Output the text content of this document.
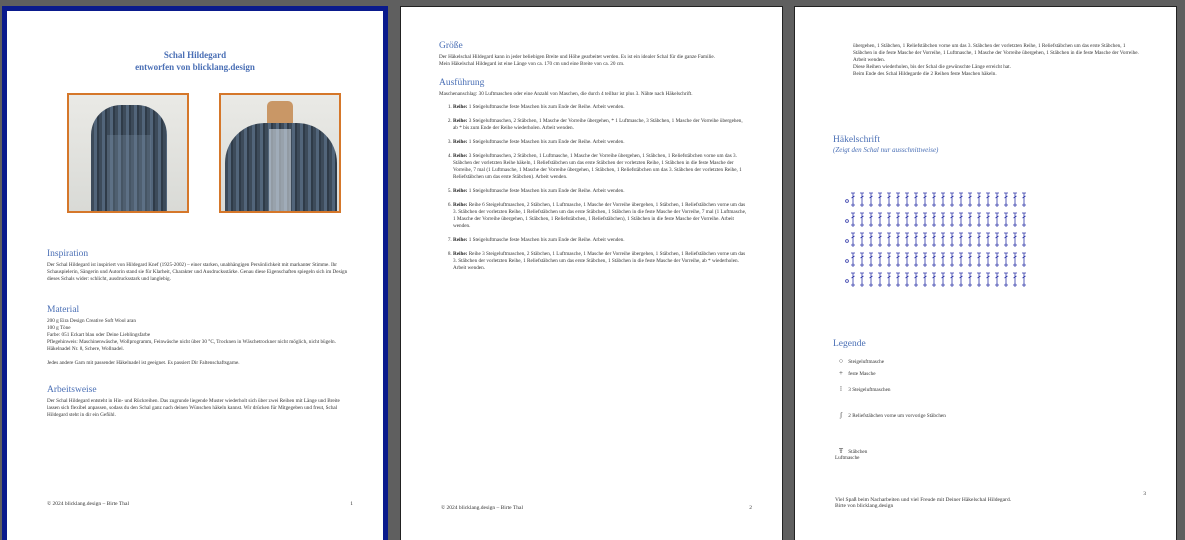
Schal Hildegard
entworfen von blicklang.design
Inspiration
Der Schal Hildegard ist inspiriert von Hildegard Knef (1925-2002) – einer starken, unabhängigen Persönlichkeit mit markanter Stimme. Ihr Schauspielerin, Sängerin und Autorin stand sie für Klarheit, Charakter und Ausdrucksstärke. Genau diese Eigenschaften spiegeln sich im Design dieses Schals wider: schlicht, ausdrucksstark und langlebig.
Material
200 g Eira Design Creative Soft Wool aran
100 g Töne
Farbe: 051 Eckart blau oder Deine Lieblingsfarbe
Pflegehinweis: Maschinenwäsche, Wollprogramm, Feinwäsche nicht über 30 °C, Trocknen in Wäschetrockner nicht möglich, nicht bügeln.
Häkelnadel Nr. 8, Schere, Wollnadel.

Jedes andere Garn mit passender Häkelnadel ist geeignet. Es passiert Dir Faltenschaftsgarne.
Arbeitsweise
Der Schal Hildegard entsteht in Hin- und Rückreihen. Das zugrunde liegende Muster wiederholt sich über zwei Reihen mit Länge und Breite lassen sich flexibel anpassen, sodass du den Schal ganz nach deinen Wünschen häkeln kannst. Wir drücken für Mitgegeben und freut, Schal Hildegard steht in dir ein Gefühl.
© 2024 blicklang.design – Birte Thal	1
Größe
Der Häkelschal Hildegard kann in jeder beliebigen Breite und Höhe gearbeitet werden. Es ist ein idealer Schal für die ganze Familie.
Mein Häkelschal Hildegard ist eine Länge von ca. 170 cm und eine Breite von ca. 20 cm.
Ausführung
Maschenanschlag: 30 Luftmaschen oder eine Anzahl von Maschen, die durch 4 teilbar ist plus 3. Nähte nach Häkelschrift.
1. Reihe: 1 Steigeluftmasche feste Maschen bis zum Ende der Reihe. Arbeit wenden.
2. Reihe: 3 Steigeluftmaschen, 2 Stäbchen, 1 Masche der Vorreihe übergehen, * 1 Luftmasche, 3 Stäbchen, 1 Masche der Vorreihe übergehen, ab * bis zum Ende der Reihe wiederholen. Arbeit wenden.
3. Reihe: 1 Steigeluftmasche feste Maschen bis zum Ende der Reihe. Arbeit wenden.
4. Reihe: 3 Steigeluftmaschen, 2 Stäbchen, 1 Luftmasche, 1 Masche der Vorreihe übergehen, 1 Stäbchen, 1 Reliefstäbchen vorne um das 3. Stäbchen der vorletzten Reihe häkeln, 1 Reliefstäbchen um das erste Stäbchen der vorletzten Reihe, 1 Stäbchen in die feste Masche der Vorreihe, 7 mal (1 Luftmasche, 1 Masche der Vorreihe übergehen, 1 Stäbchen, 1 Reliefstäbchen um das 3. Stäbchen der vorletzten Reihe, 1 Reliefstäbchen um das erste Stäbchen). Arbeit wenden.
5. Reihe: 1 Steigeluftmasche feste Maschen bis zum Ende der Reihe. Arbeit wenden.
6. Reihe: Reihe 6 Steigeluftmaschen, 2 Stäbchen, 1 Luftmasche, 1 Masche der Vorreihe übergehen, 1 Stäbchen, 1 Reliefstäbchen vorne um das 3. Stäbchen der vorletzten Reihe, 1 Reliefstäbchen um das erste Stäbchen, 1 Stäbchen in die feste Masche der Vorreihe, 7 mal (1 Luftmasche, 1 Masche der Vorreihe übergehen, 1 Stäbchen, 1 Reliefstäbchen, 1 Reliefstäbchen), 1 Stäbchen in die feste Masche der Vorreihe. Arbeit wenden.
7. Reihe: 1 Steigeluftmasche feste Maschen bis zum Ende der Reihe. Arbeit wenden.
8. Reihe: Reihe 3 Steigeluftmaschen, 2 Stäbchen, 1 Luftmasche, 1 Masche der Vorreihe übergehen, 1 Stäbchen, 1 Reliefstäbchen vorne um das 3. Stäbchen der vorletzten Reihe, 1 Reliefstäbchen um das erste Stäbchen, 1 Stäbchen in die feste Masche der Vorreihe, ab * wiederholen. Arbeit wenden.
© 2024 blicklang.design – Birte Thal	2
übergehen, 1 Stäbchen, 1 Reliefstäbchen vorne um das 3. Stäbchen der vorletzten Reihe, 1 Reliefstäbchen um das erste Stäbchen, 1 Stäbchen in die feste Masche der Vorreihe, 1 Luftmasche, 1 Masche der Vorreihe übergehen, 1 Stäbchen in die feste Masche der Vorreihe. Arbeit wenden.
Diese Reihen wiederholen, bis der Schal die gewünschte Länge erreicht hat.
Beim Ende des Schal Hildegarde die 2 Reihen feste Maschen häkeln.
Häkelschrift
(Zeigt den Schal nur ausschnittweise)
Legende
○ Steigeluftmasche
+ feste Masche
⁞ 3 Steigeluftmaschen
ʃ 2 Reliefstäbchen vorne um vorvorige Stäbchen
Ŧ Stäbchen
Luftmasche

Viel Spaß beim Nacharbeiten und viel Freude mit Deiner Häkelschal Hildegard.
Birte von blicklang.design

3
